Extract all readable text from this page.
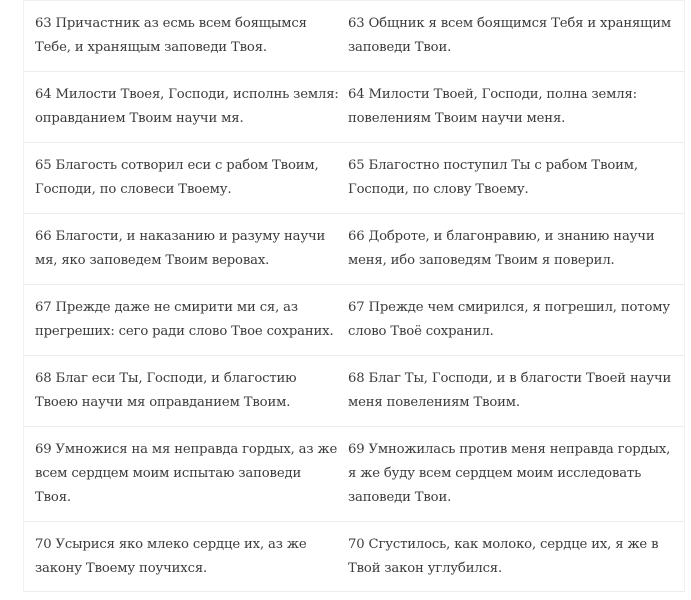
63 Причастник аз есмь всем боящымся Тебе, и хранящым заповеди Твоя.
63 Общник я всем боящимся Тебя и хранящим заповеди Твои.
64 Милости Твоея, Господи, исполнь земля: оправданием Твоим научи мя.
64 Милости Твоей, Господи, полна земля: повелениям Твоим научи меня.
65 Благость сотворил еси с рабом Твоим, Господи, по словеси Твоему.
65 Благостно поступил Ты с рабом Твоим, Господи, по слову Твоему.
66 Благости, и наказанию и разуму научи мя, яко заповедем Твоим веровах.
66 Доброте, и благонравию, и знанию научи меня, ибо заповедям Твоим я поверил.
67 Прежде даже не смирити ми ся, аз прегреших: сего ради слово Твое сохраних.
67 Прежде чем смирился, я погрешил, потому слово Твоё сохранил.
68 Благ еси Ты, Господи, и благостию Твоею научи мя оправданием Твоим.
68 Благ Ты, Господи, и в благости Твоей научи меня повелениям Твоим.
69 Умножися на мя неправда гордых, аз же всем сердцем моим испытаю заповеди Твоя.
69 Умножилась против меня неправда гордых, я же буду всем сердцем моим исследовать заповеди Твои.
70 Усырися яко млеко сердце их, аз же закону Твоему поучихся.
70 Сгустилось, как молоко, сердце их, я же в Твой закон углубился.
